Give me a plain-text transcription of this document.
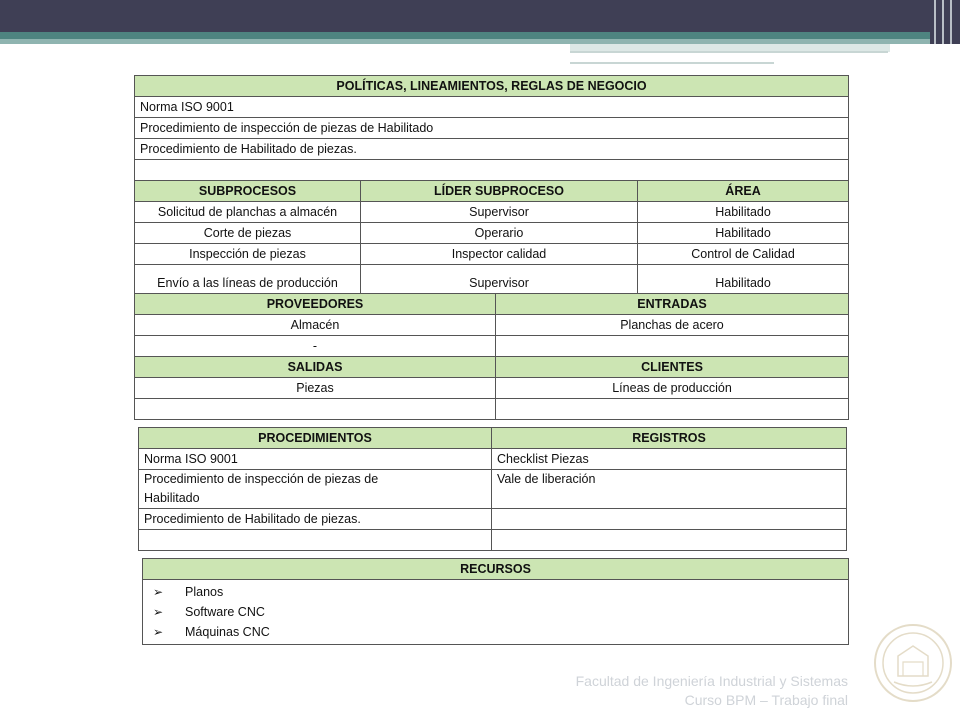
POLÍTICAS, LINEAMIENTOS, REGLAS DE NEGOCIO		
Norma ISO 9001		
Procedimiento de inspección de piezas de Habilitado		
Procedimiento de Habilitado de piezas.		

SUBPROCESOS	LÍDER SUBPROCESO	ÁREA
Solicitud de planchas a almacén	Supervisor	Habilitado
Corte de piezas	Operario	Habilitado
Inspección de piezas	Inspector calidad	Control de Calidad
Envío a las líneas de producción	Supervisor	Habilitado
PROVEEDORES	ENTRADAS
Almacén	Planchas de acero
-	
SALIDAS	CLIENTES
Piezas	Líneas de producción

PROCEDIMIENTOS	REGISTROS
Norma ISO 9001	Checklist Piezas
Procedimiento de inspección de piezas de Habilitado	Vale de liberación
Procedimiento de Habilitado de piezas.	

RECURSOS

➢	Planos
➢	Software CNC
➢	Máquinas CNC
Facultad de Ingeniería Industrial y Sistemas
Curso BPM – Trabajo final
